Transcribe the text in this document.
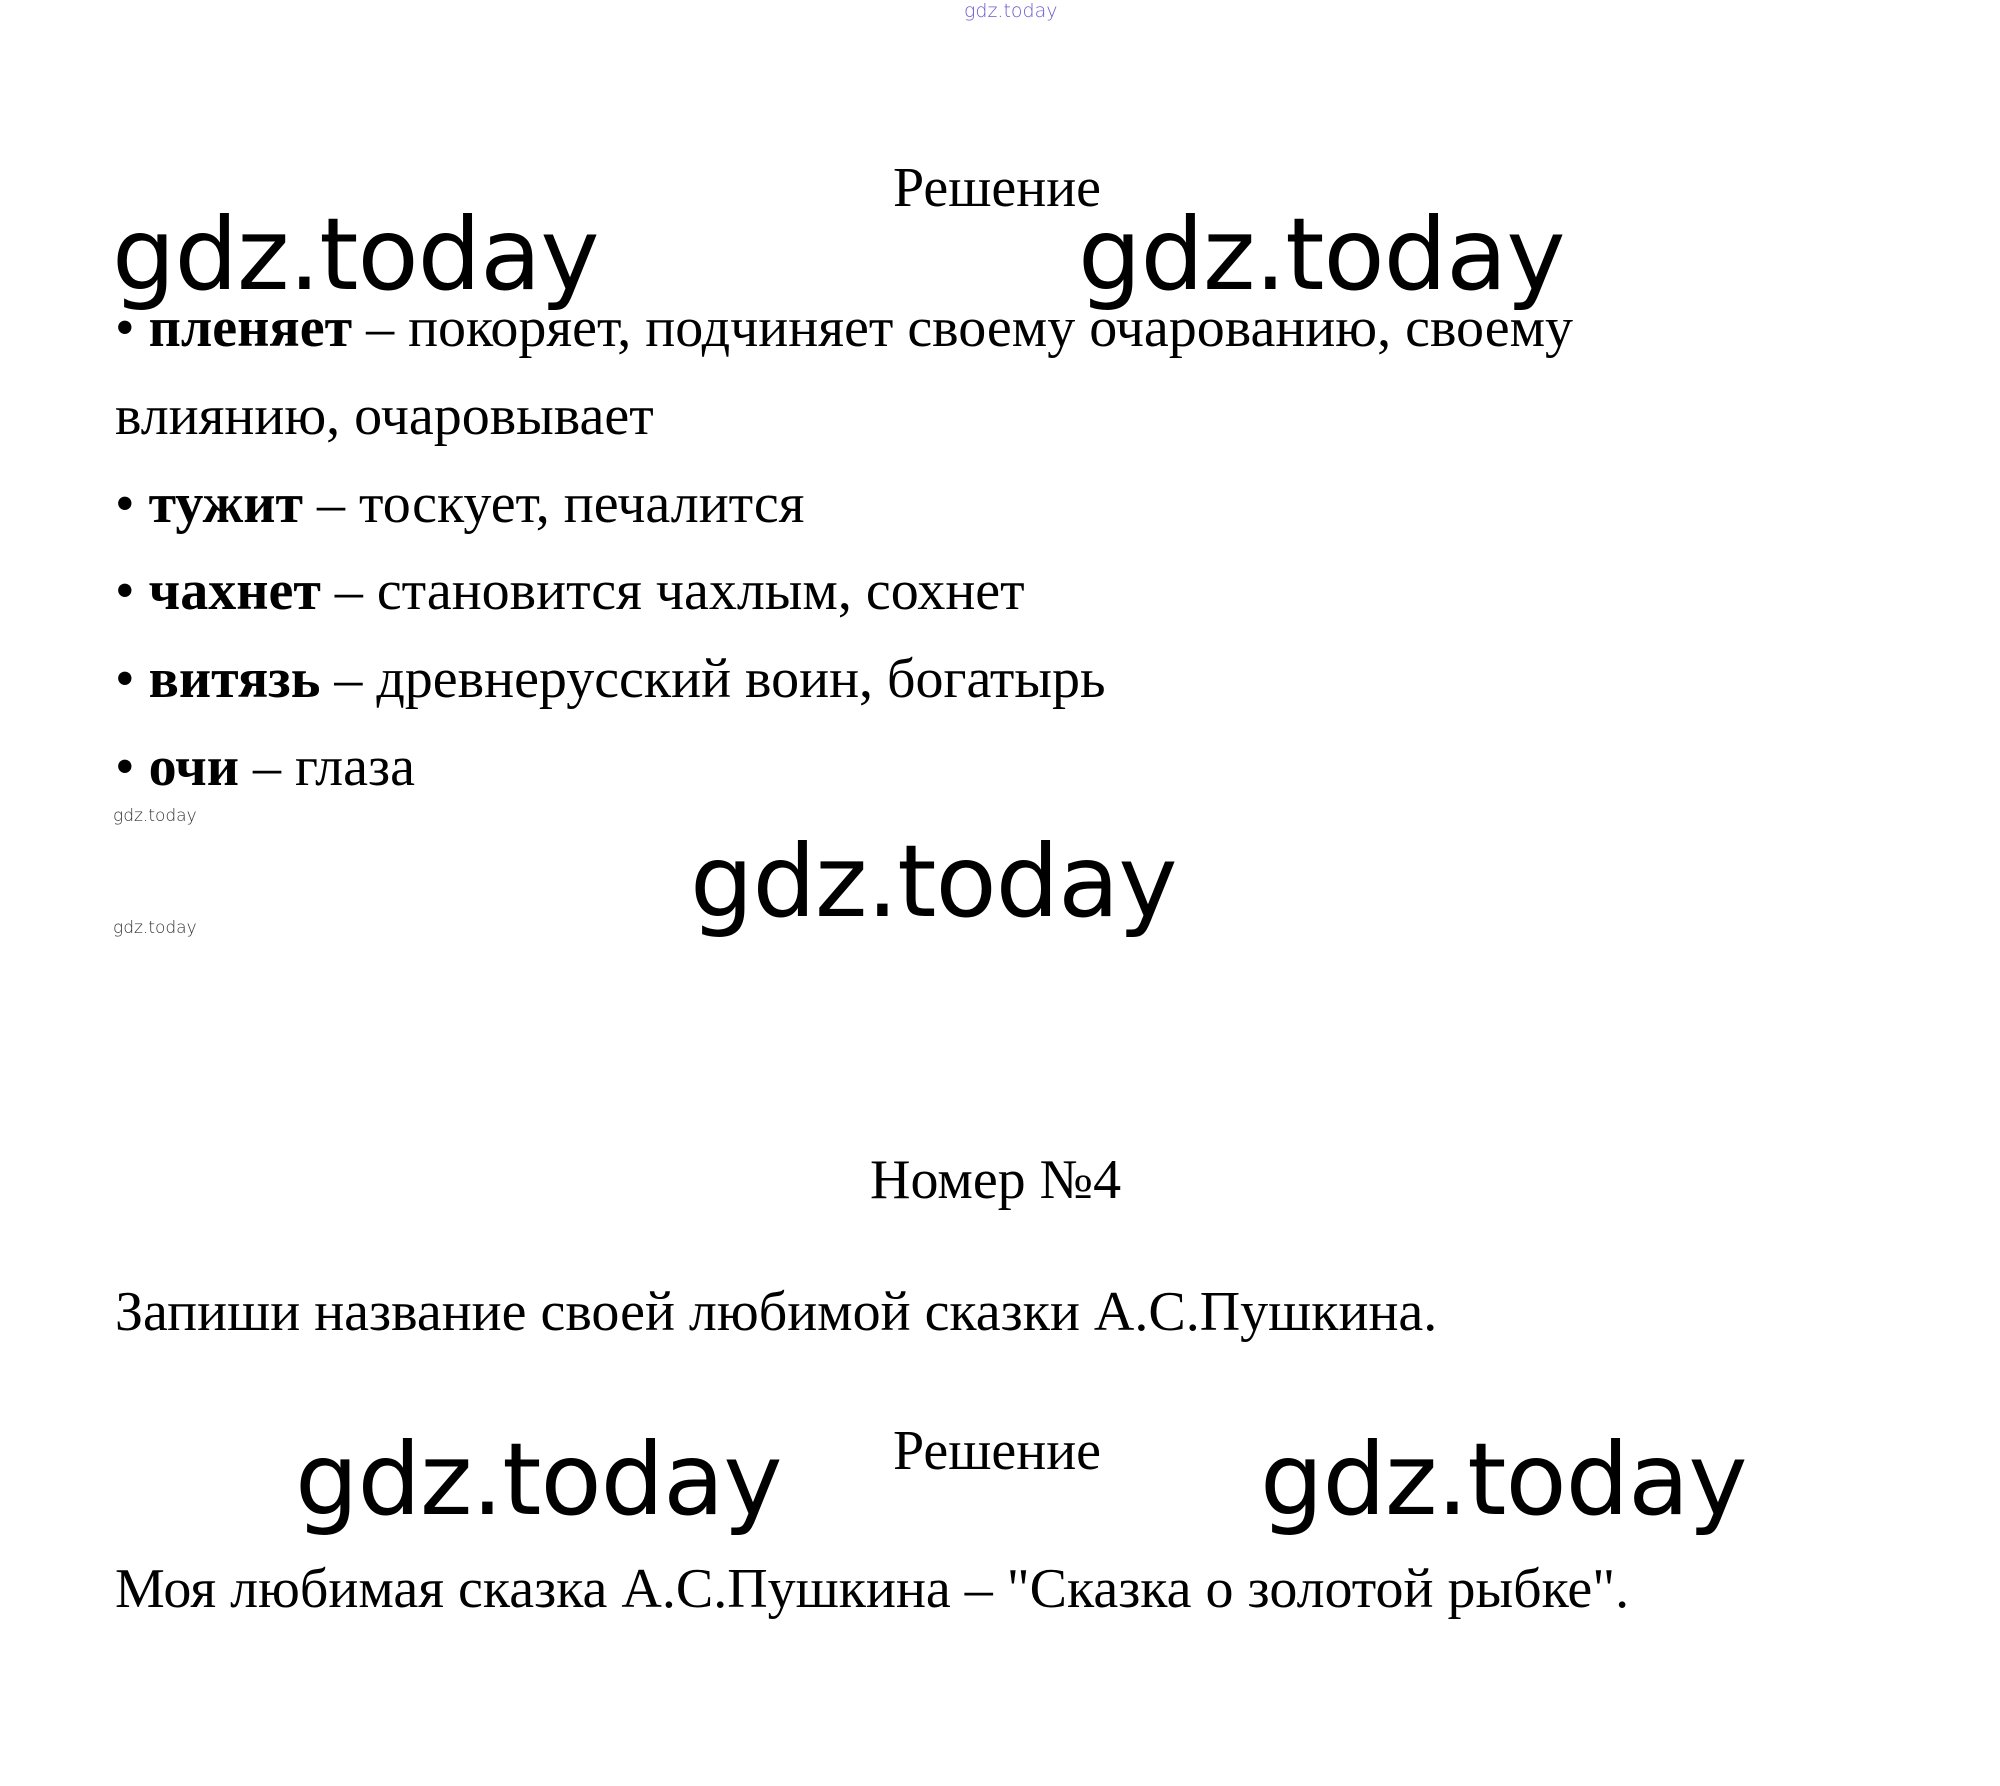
gdz.today
Решение
gdz.today	gdz.today
• пленяет – покоряет, подчиняет своему очарованию, своему
влиянию, очаровывает
• тужит – тоскует, печалится
• чахнет – становится чахлым, сохнет
• витязь – древнерусский воин, богатырь
• очи – глаза
gdz.today
gdz.today
gdz.today
Номер №4
Запиши название своей любимой сказки А.С.Пушкина.
Решение
gdz.today	gdz.today
Моя любимая сказка А.С.Пушкина – "Сказка о золотой рыбке".
